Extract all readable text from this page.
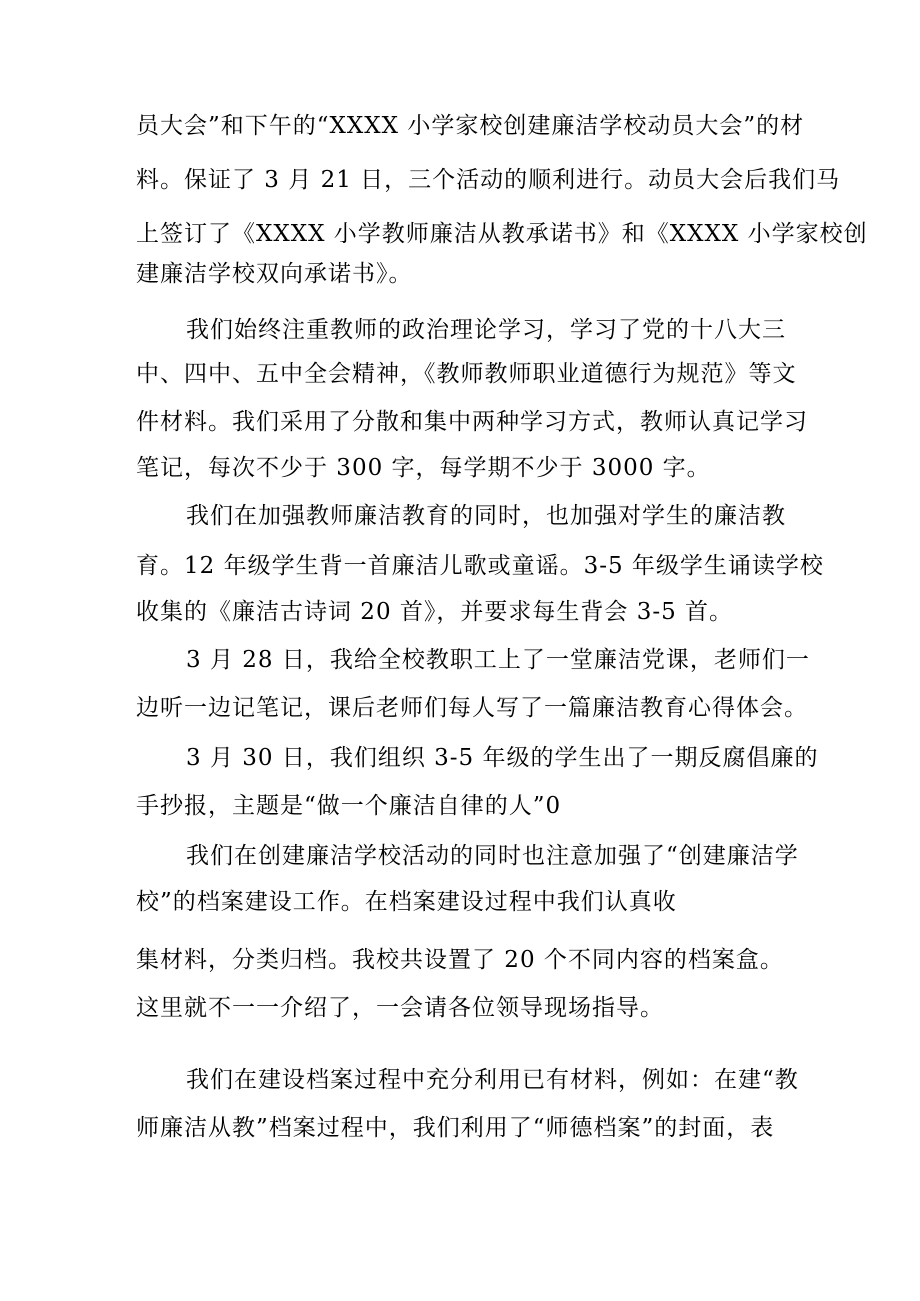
员大会”和下午的“XXXX 小学家校创建廉洁学校动员大会”的材
料。保证了 3 月 21 日，三个活动的顺利进行。动员大会后我们马
上签订了《XXXX 小学教师廉洁从教承诺书》和《XXXX 小学家校创
建廉洁学校双向承诺书》。
我们始终注重教师的政治理论学习，学习了党的十八大三
中、四中、五中全会精神，《教师教师职业道德行为规范》等文
件材料。我们采用了分散和集中两种学习方式，教师认真记学习
笔记，每次不少于 300 字，每学期不少于 3000 字。
我们在加强教师廉洁教育的同时，也加强对学生的廉洁教
育。12 年级学生背一首廉洁儿歌或童谣。3-5 年级学生诵读学校
收集的《廉洁古诗词 20 首》，并要求每生背会 3-5 首。
3 月 28 日，我给全校教职工上了一堂廉洁党课，老师们一
边听一边记笔记，课后老师们每人写了一篇廉洁教育心得体会。
3 月 30 日，我们组织 3-5 年级的学生出了一期反腐倡廉的
手抄报，主题是“做一个廉洁自律的人”0
我们在创建廉洁学校活动的同时也注意加强了“创建廉洁学
校”的档案建设工作。在档案建设过程中我们认真收
集材料，分类归档。我校共设置了 20 个不同内容的档案盒。
这里就不一一介绍了，一会请各位领导现场指导。
我们在建设档案过程中充分利用已有材料，例如：在建“教
师廉洁从教”档案过程中，我们利用了“师德档案”的封面，表
